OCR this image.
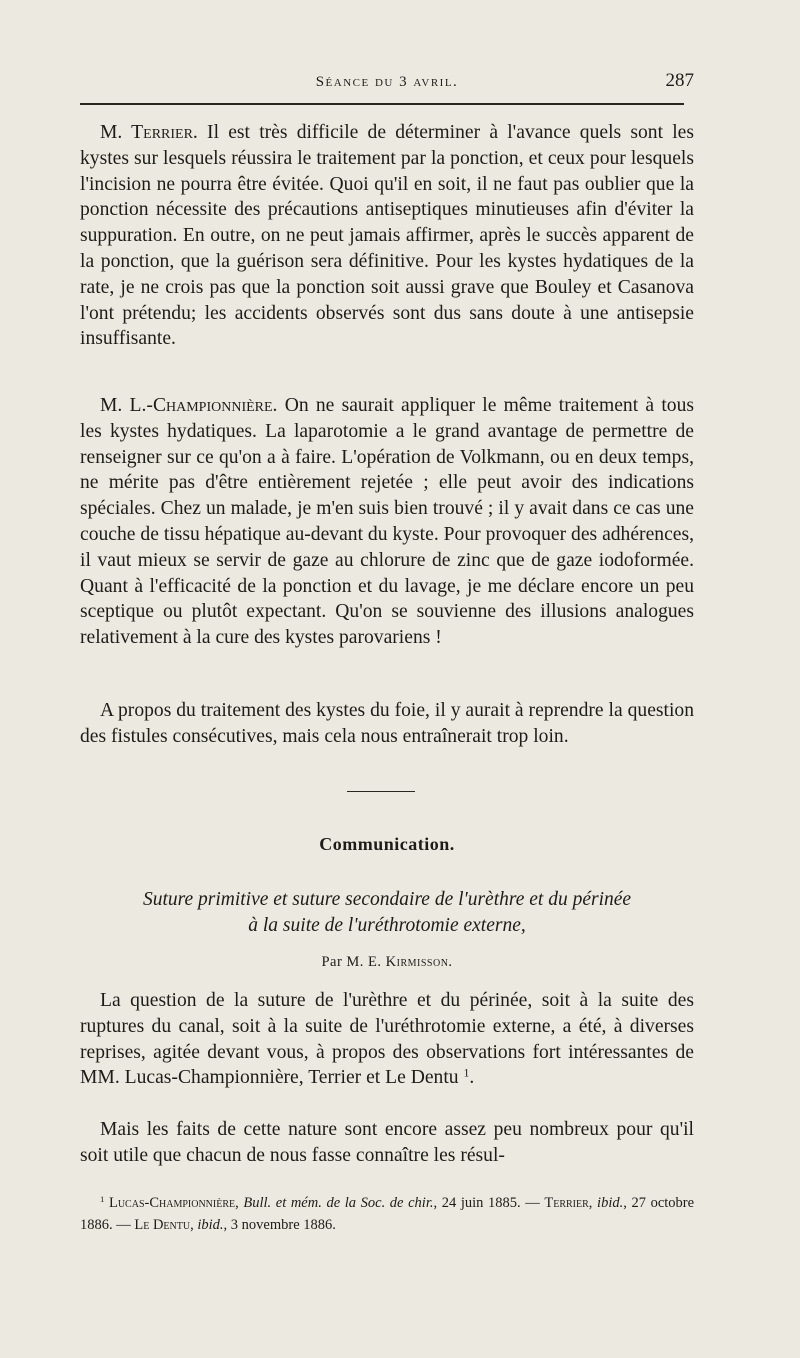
Séance du 3 avril.	287

M. Terrier. Il est très difficile de déterminer à l'avance quels sont les kystes sur lesquels réussira le traitement par la ponction, et ceux pour lesquels l'incision ne pourra être évitée. Quoi qu'il en soit, il ne faut pas oublier que la ponction nécessite des précautions antiseptiques minutieuses afin d'éviter la suppuration. En outre, on ne peut jamais affirmer, après le succès apparent de la ponction, que la guérison sera définitive. Pour les kystes hydatiques de la rate, je ne crois pas que la ponction soit aussi grave que Bouley et Casanova l'ont prétendu; les accidents observés sont dus sans doute à une antisepsie insuffisante.

M. L.-Championnière. On ne saurait appliquer le même traitement à tous les kystes hydatiques. La laparotomie a le grand avantage de permettre de renseigner sur ce qu'on a à faire. L'opération de Volkmann, ou en deux temps, ne mérite pas d'être entièrement rejetée ; elle peut avoir des indications spéciales. Chez un malade, je m'en suis bien trouvé ; il y avait dans ce cas une couche de tissu hépatique au-devant du kyste. Pour provoquer des adhérences, il vaut mieux se servir de gaze au chlorure de zinc que de gaze iodoformée. Quant à l'efficacité de la ponction et du lavage, je me déclare encore un peu sceptique ou plutôt expectant. Qu'on se souvienne des illusions analogues relativement à la cure des kystes parovariens !

A propos du traitement des kystes du foie, il y aurait à reprendre la question des fistules consécutives, mais cela nous entraînerait trop loin.

Communication.
Suture primitive et suture secondaire de l'urèthre et du périnée
à la suite de l'uréthrotomie externe,
Par M. E. Kirmisson.

La question de la suture de l'urèthre et du périnée, soit à la suite des ruptures du canal, soit à la suite de l'uréthrotomie externe, a été, à diverses reprises, agitée devant vous, à propos des observations fort intéressantes de MM. Lucas-Championnière, Terrier et Le Dentu $^1$.

Mais les faits de cette nature sont encore assez peu nombreux pour qu'il soit utile que chacun de nous fasse connaître les résul-

$^1$ Lucas-Championnière, Bull. et mém. de la Soc. de chir., 24 juin 1885. — Terrier, ibid., 27 octobre 1886. — Le Dentu, ibid., 3 novembre 1886.
